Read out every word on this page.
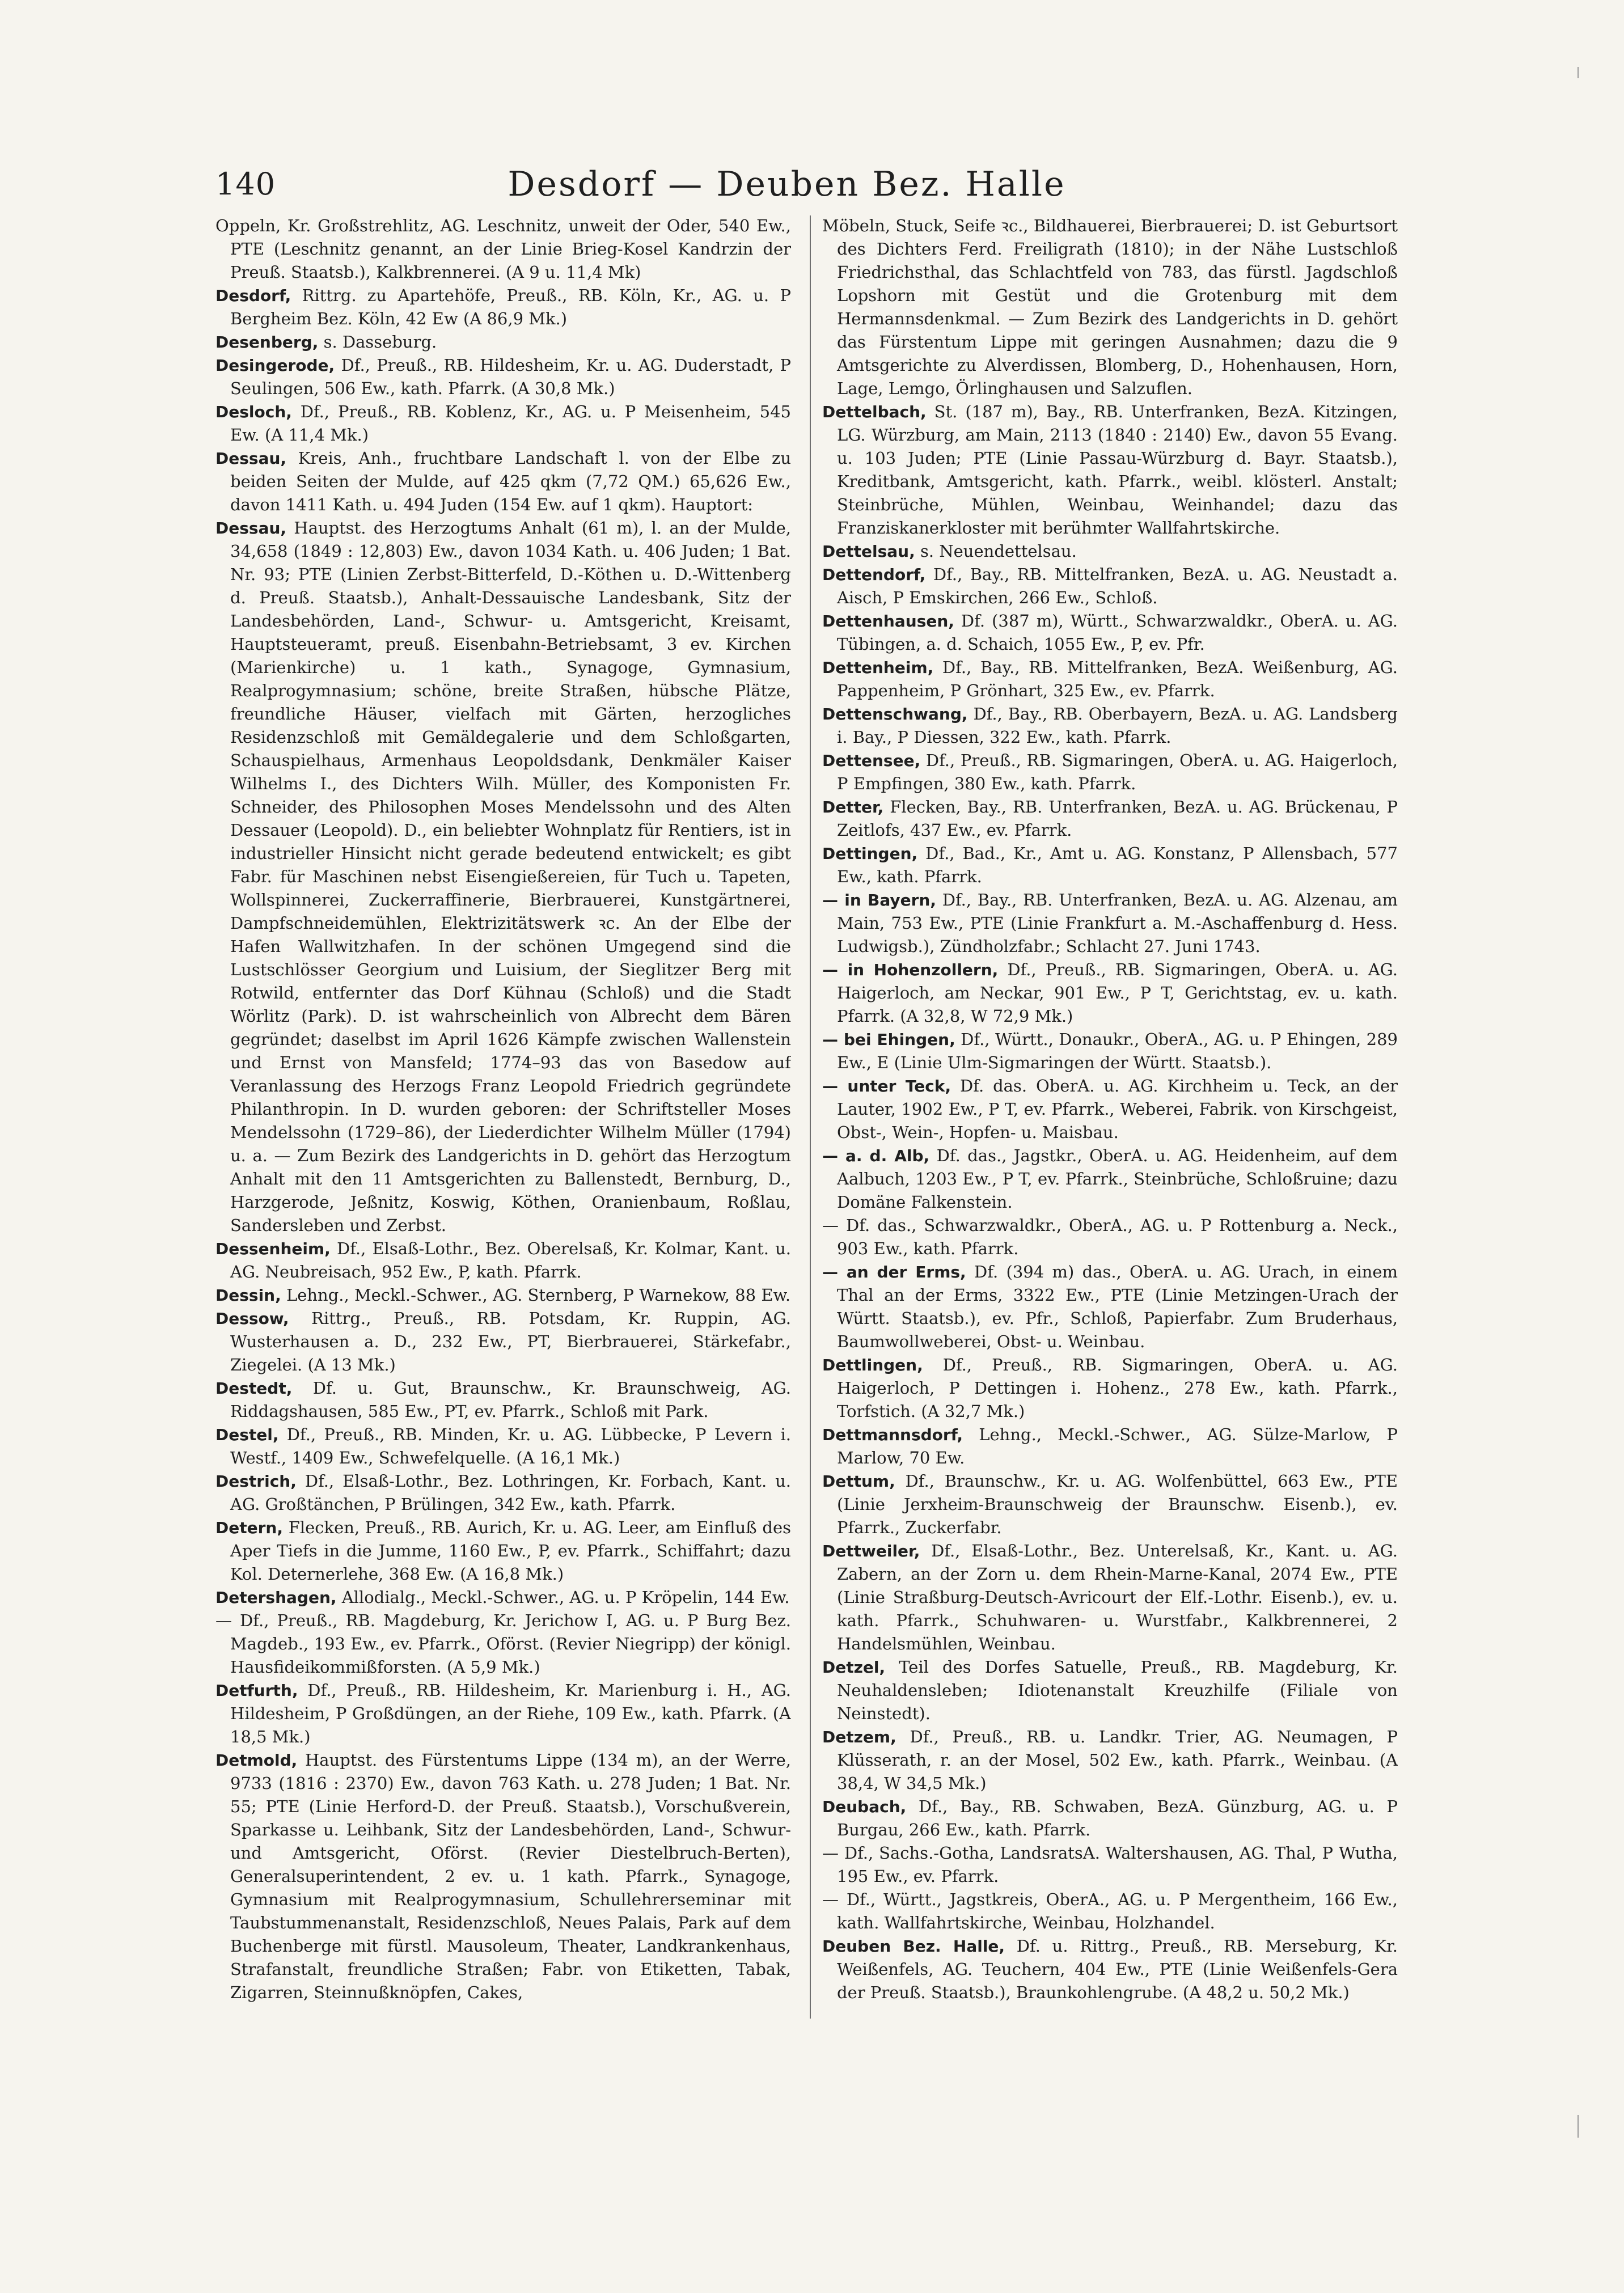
140	Desdorf — Deuben Bez. Halle

Oppeln, Kr. Großstrehlitz, AG. Leschnitz, unweit der Oder, 540 Ew., PTE (Leschnitz genannt, an der Linie Brieg-Kosel Kandrzin der Preuß. Staatsb.), Kalkbrennerei. (A 9 u. 11,4 Mk)

Desdorf, Rittrg. zu Apartehöfe, Preuß., RB. Köln, Kr., AG. u. P Bergheim Bez. Köln, 42 Ew (A 86,9 Mk.)

Desenberg, s. Dasseburg.

Desingerode, Df., Preuß., RB. Hildesheim, Kr. u. AG. Duderstadt, P Seulingen, 506 Ew., kath. Pfarrk. (A 30,8 Mk.)

Desloch, Df., Preuß., RB. Koblenz, Kr., AG. u. P Meisenheim, 545 Ew. (A 11,4 Mk.)

Dessau, Kreis, Anh., fruchtbare Landschaft l. von der Elbe zu beiden Seiten der Mulde, auf 425 qkm (7,72 QM.) 65,626 Ew., davon 1411 Kath. u. 494 Juden (154 Ew. auf 1 qkm). Hauptort:

Dessau, Hauptst. des Herzogtums Anhalt (61 m), l. an der Mulde, 34,658 (1849 : 12,803) Ew., davon 1034 Kath. u. 406 Juden; 1 Bat. Nr. 93; PTE (Linien Zerbst-Bitterfeld, D.-Köthen u. D.-Wittenberg d. Preuß. Staatsb.), Anhalt-Dessauische Landesbank, Sitz der Landesbehörden, Land-, Schwur- u. Amtsgericht, Kreisamt, Hauptsteueramt, preuß. Eisenbahn-Betriebsamt, 3 ev. Kirchen (Marienkirche) u. 1 kath., Synagoge, Gymnasium, Realprogymnasium; schöne, breite Straßen, hübsche Plätze, freundliche Häuser, vielfach mit Gärten, herzogliches Residenzschloß mit Gemäldegalerie und dem Schloßgarten, Schauspielhaus, Armenhaus Leopoldsdank, Denkmäler Kaiser Wilhelms I., des Dichters Wilh. Müller, des Komponisten Fr. Schneider, des Philosophen Moses Mendelssohn und des Alten Dessauer (Leopold). D., ein beliebter Wohnplatz für Rentiers, ist in industrieller Hinsicht nicht gerade bedeutend entwickelt; es gibt Fabr. für Maschinen nebst Eisengießereien, für Tuch u. Tapeten, Wollspinnerei, Zuckerraffinerie, Bierbrauerei, Kunstgärtnerei, Dampfschneidemühlen, Elektrizitätswerk ꝛc. An der Elbe der Hafen Wallwitzhafen. In der schönen Umgegend sind die Lustschlösser Georgium und Luisium, der Sieglitzer Berg mit Rotwild, entfernter das Dorf Kühnau (Schloß) und die Stadt Wörlitz (Park). D. ist wahrscheinlich von Albrecht dem Bären gegründet; daselbst im April 1626 Kämpfe zwischen Wallenstein und Ernst von Mansfeld; 1774–93 das von Basedow auf Veranlassung des Herzogs Franz Leopold Friedrich gegründete Philanthropin. In D. wurden geboren: der Schriftsteller Moses Mendelssohn (1729–86), der Liederdichter Wilhelm Müller (1794) u. a. — Zum Bezirk des Landgerichts in D. gehört das Herzogtum Anhalt mit den 11 Amtsgerichten zu Ballenstedt, Bernburg, D., Harzgerode, Jeßnitz, Koswig, Köthen, Oranienbaum, Roßlau, Sandersleben und Zerbst.

Dessenheim, Df., Elsaß-Lothr., Bez. Oberelsaß, Kr. Kolmar, Kant. u. AG. Neubreisach, 952 Ew., P, kath. Pfarrk.

Dessin, Lehng., Meckl.-Schwer., AG. Sternberg, P Warnekow, 88 Ew.

Dessow, Rittrg., Preuß., RB. Potsdam, Kr. Ruppin, AG. Wusterhausen a. D., 232 Ew., PT, Bierbrauerei, Stärkefabr., Ziegelei. (A 13 Mk.)

Destedt, Df. u. Gut, Braunschw., Kr. Braunschweig, AG. Riddagshausen, 585 Ew., PT, ev. Pfarrk., Schloß mit Park.

Destel, Df., Preuß., RB. Minden, Kr. u. AG. Lübbecke, P Levern i. Westf., 1409 Ew., Schwefelquelle. (A 16,1 Mk.)

Destrich, Df., Elsaß-Lothr., Bez. Lothringen, Kr. Forbach, Kant. u. AG. Großtänchen, P Brülingen, 342 Ew., kath. Pfarrk.

Detern, Flecken, Preuß., RB. Aurich, Kr. u. AG. Leer, am Einfluß des Aper Tiefs in die Jumme, 1160 Ew., P, ev. Pfarrk., Schiffahrt; dazu Kol. Deternerlehe, 368 Ew. (A 16,8 Mk.)

Detershagen, Allodialg., Meckl.-Schwer., AG. u. P Kröpelin, 144 Ew.

— Df., Preuß., RB. Magdeburg, Kr. Jerichow I, AG. u. P Burg Bez. Magdeb., 193 Ew., ev. Pfarrk., Oförst. (Revier Niegripp) der königl. Hausfideikommißforsten. (A 5,9 Mk.)

Detfurth, Df., Preuß., RB. Hildesheim, Kr. Marienburg i. H., AG. Hildesheim, P Großdüngen, an der Riehe, 109 Ew., kath. Pfarrk. (A 18,5 Mk.)

Detmold, Hauptst. des Fürstentums Lippe (134 m), an der Werre, 9733 (1816 : 2370) Ew., davon 763 Kath. u. 278 Juden; 1 Bat. Nr. 55; PTE (Linie Herford-D. der Preuß. Staatsb.), Vorschußverein, Sparkasse u. Leihbank, Sitz der Landesbehörden, Land-, Schwur- und Amtsgericht, Oförst. (Revier Diestelbruch-Berten), Generalsuperintendent, 2 ev. u. 1 kath. Pfarrk., Synagoge, Gymnasium mit Realprogymnasium, Schullehrerseminar mit Taubstummenanstalt, Residenzschloß, Neues Palais, Park auf dem Buchenberge mit fürstl. Mausoleum, Theater, Landkrankenhaus, Strafanstalt, freundliche Straßen; Fabr. von Etiketten, Tabak, Zigarren, Steinnußknöpfen, Cakes,

Möbeln, Stuck, Seife ꝛc., Bildhauerei, Bierbrauerei; D. ist Geburtsort des Dichters Ferd. Freiligrath (1810); in der Nähe Lustschloß Friedrichsthal, das Schlachtfeld von 783, das fürstl. Jagdschloß Lopshorn mit Gestüt und die Grotenburg mit dem Hermannsdenkmal. — Zum Bezirk des Landgerichts in D. gehört das Fürstentum Lippe mit geringen Ausnahmen; dazu die 9 Amtsgerichte zu Alverdissen, Blomberg, D., Hohenhausen, Horn, Lage, Lemgo, Örlinghausen und Salzuflen.

Dettelbach, St. (187 m), Bay., RB. Unterfranken, BezA. Kitzingen, LG. Würzburg, am Main, 2113 (1840 : 2140) Ew., davon 55 Evang. u. 103 Juden; PTE (Linie Passau-Würzburg d. Bayr. Staatsb.), Kreditbank, Amtsgericht, kath. Pfarrk., weibl. klösterl. Anstalt; Steinbrüche, Mühlen, Weinbau, Weinhandel; dazu das Franziskanerkloster mit berühmter Wallfahrtskirche.

Dettelsau, s. Neuendettelsau.

Dettendorf, Df., Bay., RB. Mittelfranken, BezA. u. AG. Neustadt a. Aisch, P Emskirchen, 266 Ew., Schloß.

Dettenhausen, Df. (387 m), Württ., Schwarzwaldkr., OberA. u. AG. Tübingen, a. d. Schaich, 1055 Ew., P, ev. Pfr.

Dettenheim, Df., Bay., RB. Mittelfranken, BezA. Weißenburg, AG. Pappenheim, P Grönhart, 325 Ew., ev. Pfarrk.

Dettenschwang, Df., Bay., RB. Oberbayern, BezA. u. AG. Landsberg i. Bay., P Diessen, 322 Ew., kath. Pfarrk.

Dettensee, Df., Preuß., RB. Sigmaringen, OberA. u. AG. Haigerloch, P Empfingen, 380 Ew., kath. Pfarrk.

Detter, Flecken, Bay., RB. Unterfranken, BezA. u. AG. Brückenau, P Zeitlofs, 437 Ew., ev. Pfarrk.

Dettingen, Df., Bad., Kr., Amt u. AG. Konstanz, P Allensbach, 577 Ew., kath. Pfarrk.

— in Bayern, Df., Bay., RB. Unterfranken, BezA. u. AG. Alzenau, am Main, 753 Ew., PTE (Linie Frankfurt a. M.-Aschaffenburg d. Hess. Ludwigsb.), Zündholzfabr.; Schlacht 27. Juni 1743.

— in Hohenzollern, Df., Preuß., RB. Sigmaringen, OberA. u. AG. Haigerloch, am Neckar, 901 Ew., P T, Gerichtstag, ev. u. kath. Pfarrk. (A 32,8, W 72,9 Mk.)

— bei Ehingen, Df., Württ., Donaukr., OberA., AG. u. P Ehingen, 289 Ew., E (Linie Ulm-Sigmaringen der Württ. Staatsb.).

— unter Teck, Df. das. OberA. u. AG. Kirchheim u. Teck, an der Lauter, 1902 Ew., P T, ev. Pfarrk., Weberei, Fabrik. von Kirschgeist, Obst-, Wein-, Hopfen- u. Maisbau.

— a. d. Alb, Df. das., Jagstkr., OberA. u. AG. Heidenheim, auf dem Aalbuch, 1203 Ew., P T, ev. Pfarrk., Steinbrüche, Schloßruine; dazu Domäne Falkenstein.

— Df. das., Schwarzwaldkr., OberA., AG. u. P Rottenburg a. Neck., 903 Ew., kath. Pfarrk.

— an der Erms, Df. (394 m) das., OberA. u. AG. Urach, in einem Thal an der Erms, 3322 Ew., PTE (Linie Metzingen-Urach der Württ. Staatsb.), ev. Pfr., Schloß, Papierfabr. Zum Bruderhaus, Baumwollweberei, Obst- u. Weinbau.

Dettlingen, Df., Preuß., RB. Sigmaringen, OberA. u. AG. Haigerloch, P Dettingen i. Hohenz., 278 Ew., kath. Pfarrk., Torfstich. (A 32,7 Mk.)

Dettmannsdorf, Lehng., Meckl.-Schwer., AG. Sülze-Marlow, P Marlow, 70 Ew.

Dettum, Df., Braunschw., Kr. u. AG. Wolfenbüttel, 663 Ew., PTE (Linie Jerxheim-Braunschweig der Braunschw. Eisenb.), ev. Pfarrk., Zuckerfabr.

Dettweiler, Df., Elsaß-Lothr., Bez. Unterelsaß, Kr., Kant. u. AG. Zabern, an der Zorn u. dem Rhein-Marne-Kanal, 2074 Ew., PTE (Linie Straßburg-Deutsch-Avricourt der Elf.-Lothr. Eisenb.), ev. u. kath. Pfarrk., Schuhwaren- u. Wurstfabr., Kalkbrennerei, 2 Handelsmühlen, Weinbau.

Detzel, Teil des Dorfes Satuelle, Preuß., RB. Magdeburg, Kr. Neuhaldensleben; Idiotenanstalt Kreuzhilfe (Filiale von Neinstedt).

Detzem, Df., Preuß., RB. u. Landkr. Trier, AG. Neumagen, P Klüsserath, r. an der Mosel, 502 Ew., kath. Pfarrk., Weinbau. (A 38,4, W 34,5 Mk.)

Deubach, Df., Bay., RB. Schwaben, BezA. Günzburg, AG. u. P Burgau, 266 Ew., kath. Pfarrk.

— Df., Sachs.-Gotha, LandsratsA. Waltershausen, AG. Thal, P Wutha, 195 Ew., ev. Pfarrk.

— Df., Württ., Jagstkreis, OberA., AG. u. P Mergentheim, 166 Ew., kath. Wallfahrtskirche, Weinbau, Holzhandel.

Deuben Bez. Halle, Df. u. Rittrg., Preuß., RB. Merseburg, Kr. Weißenfels, AG. Teuchern, 404 Ew., PTE (Linie Weißenfels-Gera der Preuß. Staatsb.), Braunkohlengrube. (A 48,2 u. 50,2 Mk.)
